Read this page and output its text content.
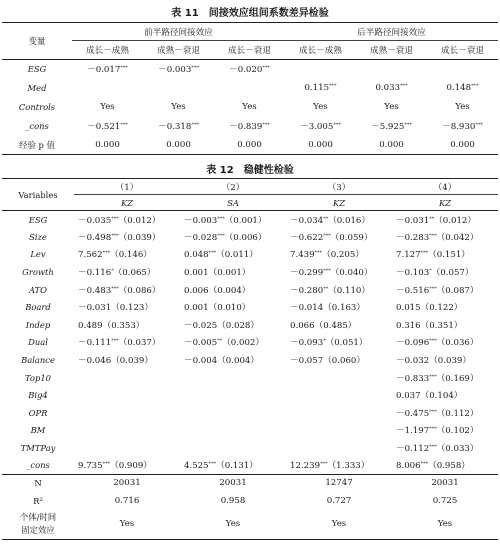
表 11 间接效应组间系数差异检验
变量	前半路径间接效应			后半路径间接效应		
	成长－成熟	成熟－衰退	成长－衰退	成长－成熟	成熟－衰退	成长－衰退
ESG	－0.017***	－0.003***	－0.020***			
Med				0.115***	0.033***	0.148***
Controls	Yes	Yes	Yes	Yes	Yes	Yes
_cons	－0.521***	－0.318***	－0.839***	－3.005***	－5.925***	－8.930***
经验 p 值	0.000	0.000	0.000	0.000	0.000	0.000
表 12 稳健性检验
Variables	（1）	（2）	（3）	（4）
	KZ	SA	KZ	KZ
ESG	－0.035***（0.012）	－0.003***（0.001）	－0.034**（0.016）	－0.031**（0.012）
Size	－0.498***（0.039）	－0.028***（0.006）	－0.622***（0.059）	－0.283***（0.042）
Lev	7.562***（0.146）	0.048***（0.011）	7.439***（0.205）	7.127***（0.151）
Growth	－0.116*（0.065）	0.001（0.001）	－0.299***（0.040）	－0.103*（0.057）
ATO	－0.483***（0.086）	0.006（0.004）	－0.280**（0.110）	－0.516***（0.087）
Board	－0.031（0.123）	0.001（0.010）	－0.014（0.163）	0.015（0.122）
Indep	0.489（0.353）	－0.025（0.028）	0.066（0.485）	0.316（0.351）
Dual	－0.111***（0.037）	－0.005**（0.002）	－0.093*（0.051）	－0.096***（0.036）
Balance	－0.046（0.039）	－0.004（0.004）	－0.057（0.060）	－0.032（0.039）
Top10				－0.833***（0.169）
Big4				0.037（0.104）
OPR				－0.475***（0.112）
BM				－1.197***（0.102）
TMTPay				－0.112***（0.033）
_cons	9.735***（0.909）	4.525***（0.131）	12.239***（1.333）	8.006***（0.958）
N	20031	20031	12747	20031
R²	0.716	0.958	0.727	0.725
个体/时间
固定效应	Yes	Yes	Yes	Yes
